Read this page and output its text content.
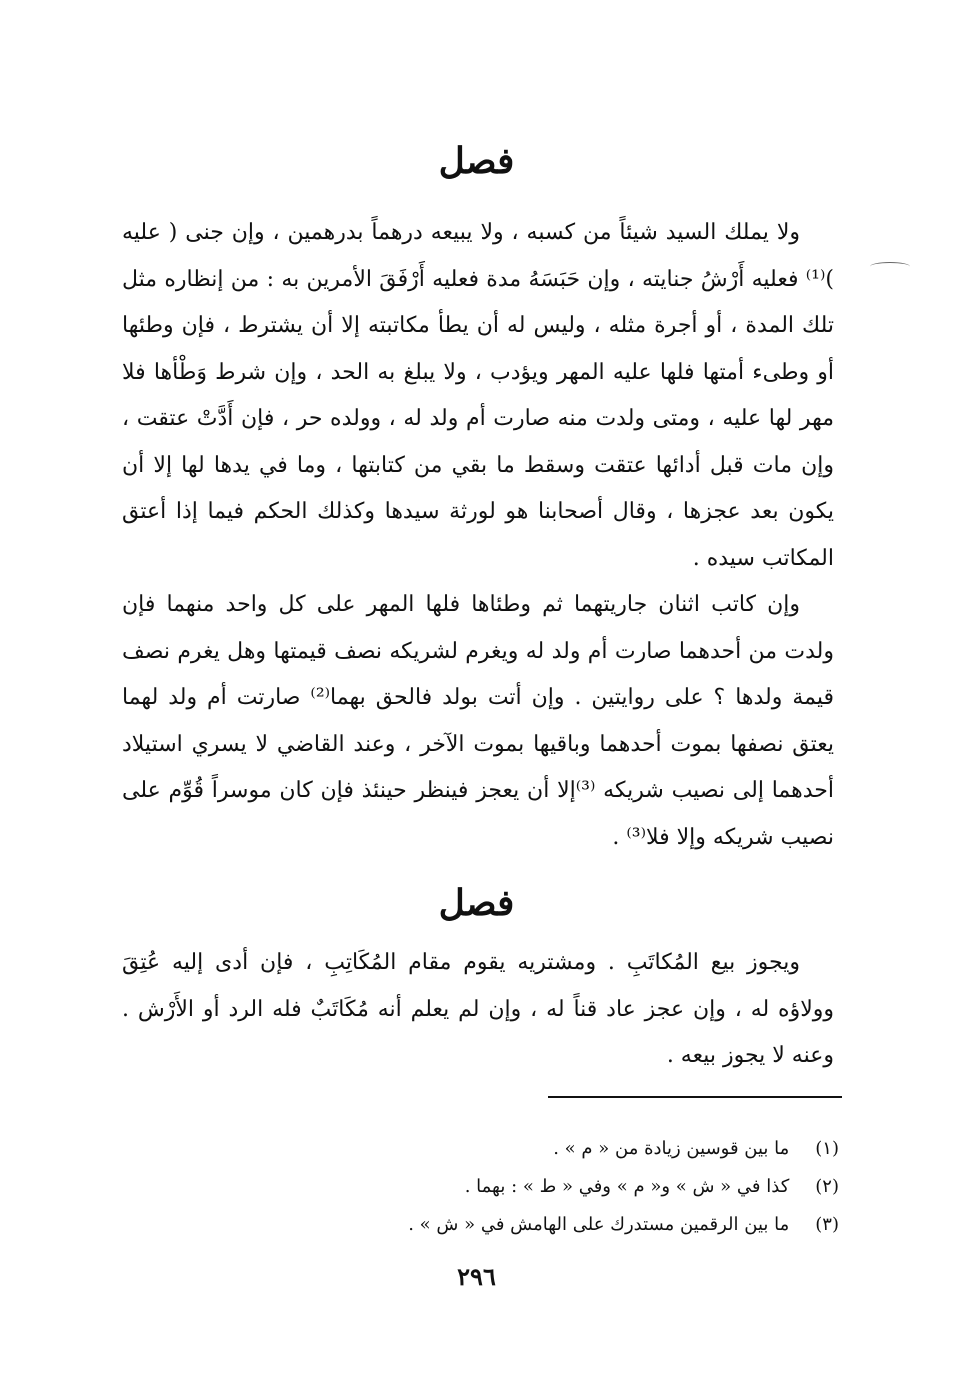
فصل

ولا يملك السيد شيئاً من كسبه ، ولا يبيعه درهماً بدرهمين ، وإن جنى ( عليه )⁽¹⁾ فعليه أَرْشُ جنايته ، وإن حَبَسَهُ مدة فعليه أَرْفَقَ الأمرين به : من إنظاره مثل تلك المدة ، أو أجرة مثله ، وليس له أن يطأ مكاتبته إلا أن يشترط ، فإن وطئها أو وطىء أمتها فلها عليه المهر ويؤدب ، ولا يبلغ به الحد ، وإن شرط وَطْأها فلا مهر لها عليه ، ومتى ولدت منه صارت أم ولد له ، وولده حر ، فإن أَدَّتْ عتقت ، وإن مات قبل أدائها عتقت وسقط ما بقي من كتابتها ، وما في يدها لها إلا أن يكون بعد عجزها ، وقال أصحابنا هو لورثة سيدها وكذلك الحكم فيما إذا أعتق المكاتب سيده .

وإن كاتب اثنان جاريتهما ثم وطئاها فلها المهر على كل واحد منهما فإن ولدت من أحدهما صارت أم ولد له ويغرم لشريكه نصف قيمتها وهل يغرم نصف قيمة ولدها ؟ على روايتين . وإن أتت بولد فالحق بهما⁽²⁾ صارتت أم ولد لهما يعتق نصفها بموت أحدهما وباقيها بموت الآخر ، وعند القاضي لا يسري استيلاد أحدهما إلى نصيب شريكه ⁽³⁾إلا أن يعجز فينظر حينئذ فإن كان موسراً قُوِّم على نصيب شريكه وإلا فلا⁽³⁾ .

فصل

ويجوز بيع المُكاتَبِ . ومشتريه يقوم مقام المُكَاتِبِ ، فإن أدى إليه عُتِقَ وولاؤه له ، وإن عجز عاد قناً له ، وإن لم يعلم أنه مُكَاتَبٌ فله الرد أو الأَرْش . وعنه لا يجوز بيعه .

(١) ما بين قوسين زيادة من « م » .
(٢) كذا في « ش » و« م » وفي « ط » : بهما .
(٣) ما بين الرقمين مستدرك على الهامش في « ش » .
٢٩٦
